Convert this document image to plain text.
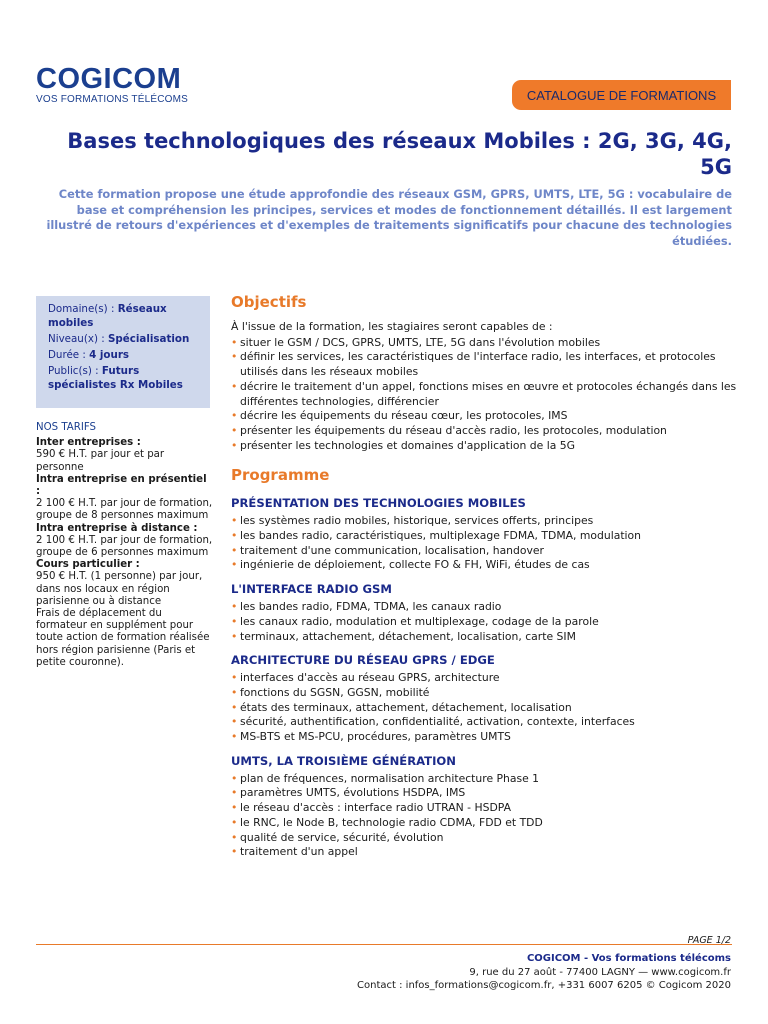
COGICOM
VOS FORMATIONS TÉLÉCOMS	CATALOGUE DE FORMATIONS
Bases technologiques des réseaux Mobiles : 2G, 3G, 4G, 5G

Cette formation propose une étude approfondie des réseaux GSM, GPRS, UMTS, LTE, 5G : vocabulaire de base et compréhension les principes, services et modes de fonctionnement détaillés. Il est largement illustré de retours d'expériences et d'exemples de traitements significatifs pour chacune des technologies étudiées.

Domaine(s) : Réseaux mobiles
Niveau(x) : Spécialisation
Durée : 4 jours
Public(s) : Futurs spécialistes Rx Mobiles
NOS TARIFS
Inter entreprises :
590 € H.T. par jour et par personne
Intra entreprise en présentiel :
2 100 € H.T. par jour de formation, groupe de 8 personnes maximum
Intra entreprise à distance :
2 100 € H.T. par jour de formation, groupe de 6 personnes maximum
Cours particulier :
950 € H.T. (1 personne) par jour, dans nos locaux en région parisienne ou à distance
Frais de déplacement du formateur en supplément pour toute action de formation réalisée hors région parisienne (Paris et petite couronne).
Objectifs
À l'issue de la formation, les stagiaires seront capables de :
• situer le GSM / DCS, GPRS, UMTS, LTE, 5G dans l'évolution mobiles
• définir les services, les caractéristiques de l'interface radio, les interfaces, et protocoles utilisés dans les réseaux mobiles
• décrire le traitement d'un appel, fonctions mises en œuvre et protocoles échangés dans les différentes technologies, différencier
• décrire les équipements du réseau cœur, les protocoles, IMS
• présenter les équipements du réseau d'accès radio, les protocoles, modulation
• présenter les technologies et domaines d'application de la 5G
Programme
PRÉSENTATION DES TECHNOLOGIES MOBILES
• les systèmes radio mobiles, historique, services offerts, principes
• les bandes radio, caractéristiques, multiplexage FDMA, TDMA, modulation
• traitement d'une communication, localisation, handover
• ingénierie de déploiement, collecte FO & FH, WiFi, études de cas
L'INTERFACE RADIO GSM
• les bandes radio, FDMA, TDMA, les canaux radio
• les canaux radio, modulation et multiplexage, codage de la parole
• terminaux, attachement, détachement, localisation, carte SIM
ARCHITECTURE DU RÉSEAU GPRS / EDGE
• interfaces d'accès au réseau GPRS, architecture
• fonctions du SGSN, GGSN, mobilité
• états des terminaux, attachement, détachement, localisation
• sécurité, authentification, confidentialité, activation, contexte, interfaces
• MS-BTS et MS-PCU, procédures, paramètres UMTS
UMTS, LA TROISIÈME GÉNÉRATION
• plan de fréquences, normalisation architecture Phase 1
• paramètres UMTS, évolutions HSDPA, IMS
• le réseau d'accès : interface radio UTRAN - HSDPA
• le RNC, le Node B, technologie radio CDMA, FDD et TDD
• qualité de service, sécurité, évolution
• traitement d'un appel
PAGE 1/2
COGICOM - Vos formations télécoms
9, rue du 27 août - 77400 LAGNY — www.cogicom.fr
Contact : infos_formations@cogicom.fr, +331 6007 6205 © Cogicom 2020
